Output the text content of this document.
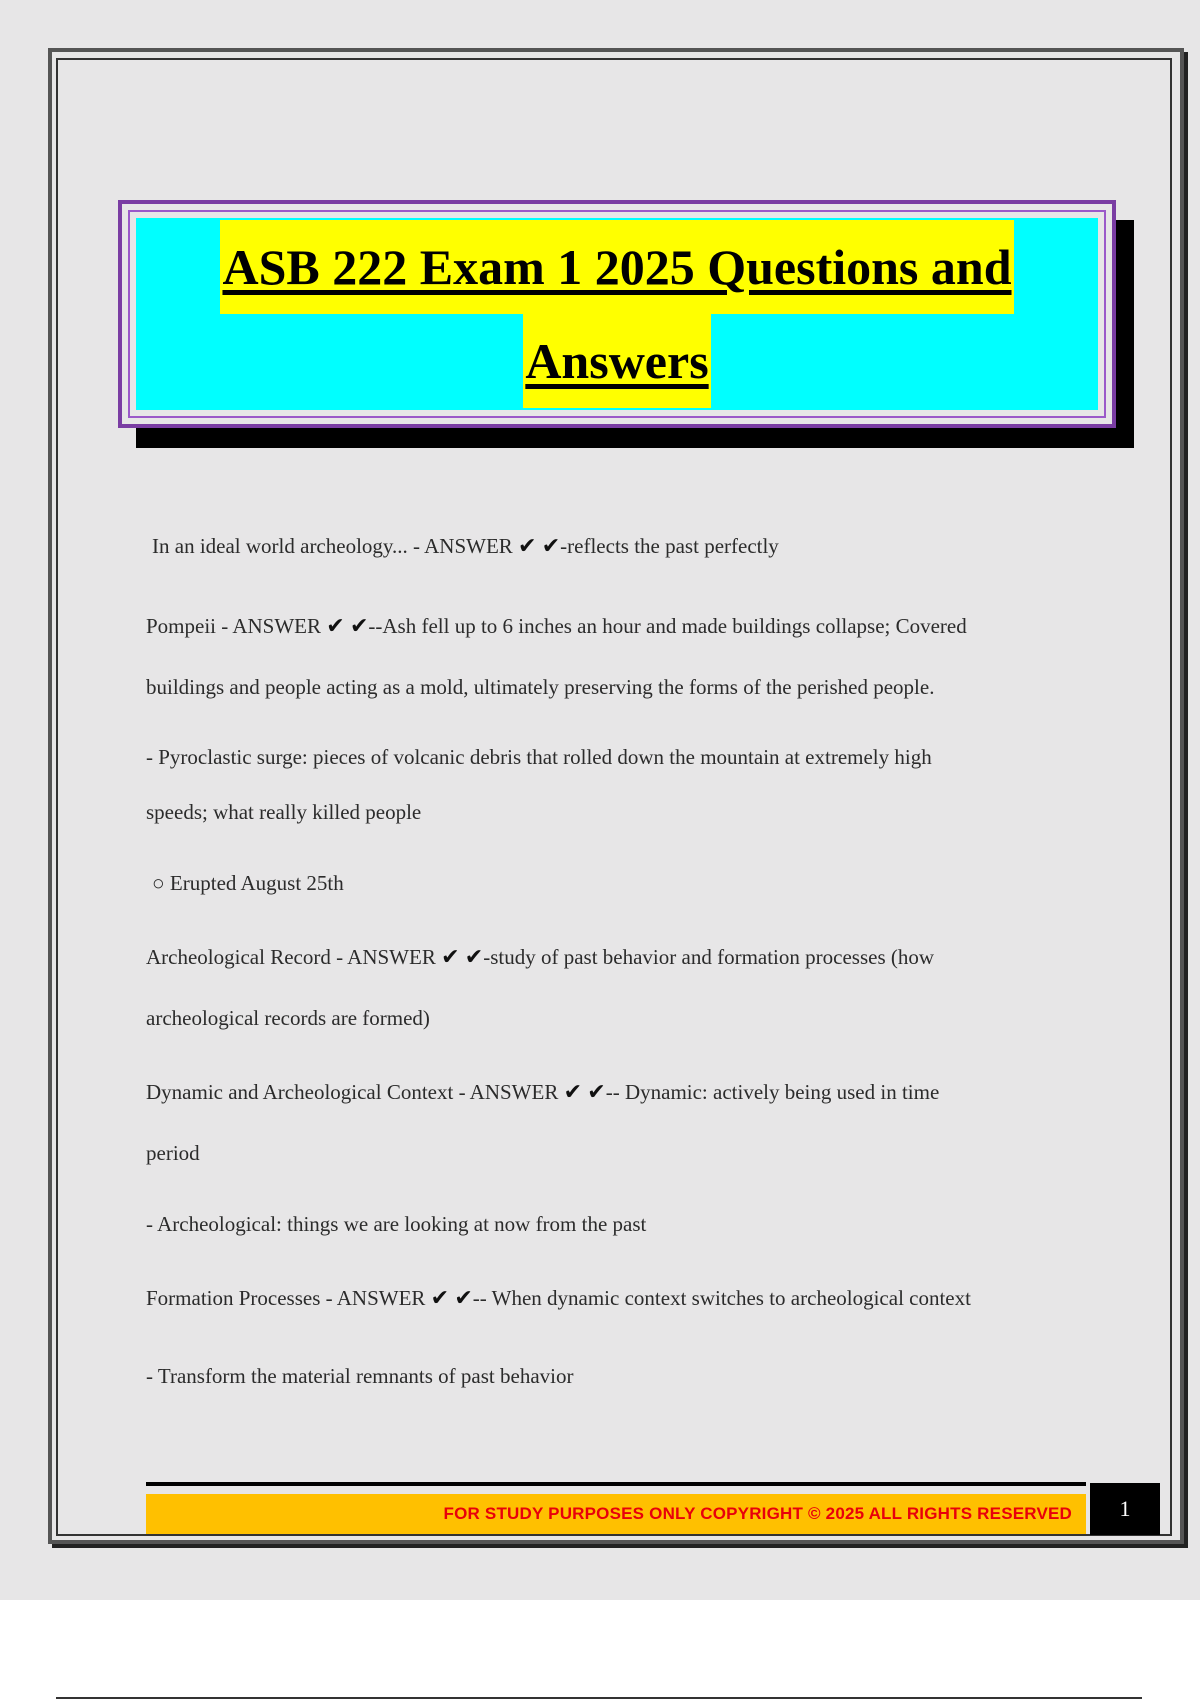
ASB 222 Exam 1 2025 Questions and
Answers
In an ideal world archeology... - ANSWER ✔ ✔-reflects the past perfectly
Pompeii - ANSWER ✔ ✔--Ash fell up to 6 inches an hour and made buildings collapse; Covered
buildings and people acting as a mold, ultimately preserving the forms of the perished people.
- Pyroclastic surge: pieces of volcanic debris that rolled down the mountain at extremely high
speeds; what really killed people
○ Erupted August 25th
Archeological Record - ANSWER ✔ ✔-study of past behavior and formation processes (how
archeological records are formed)
Dynamic and Archeological Context - ANSWER ✔ ✔-- Dynamic: actively being used in time
period
- Archeological: things we are looking at now from the past
Formation Processes - ANSWER ✔ ✔-- When dynamic context switches to archeological context
- Transform the material remnants of past behavior
FOR STUDY PURPOSES ONLY COPYRIGHT © 2025 ALL RIGHTS RESERVED 1
